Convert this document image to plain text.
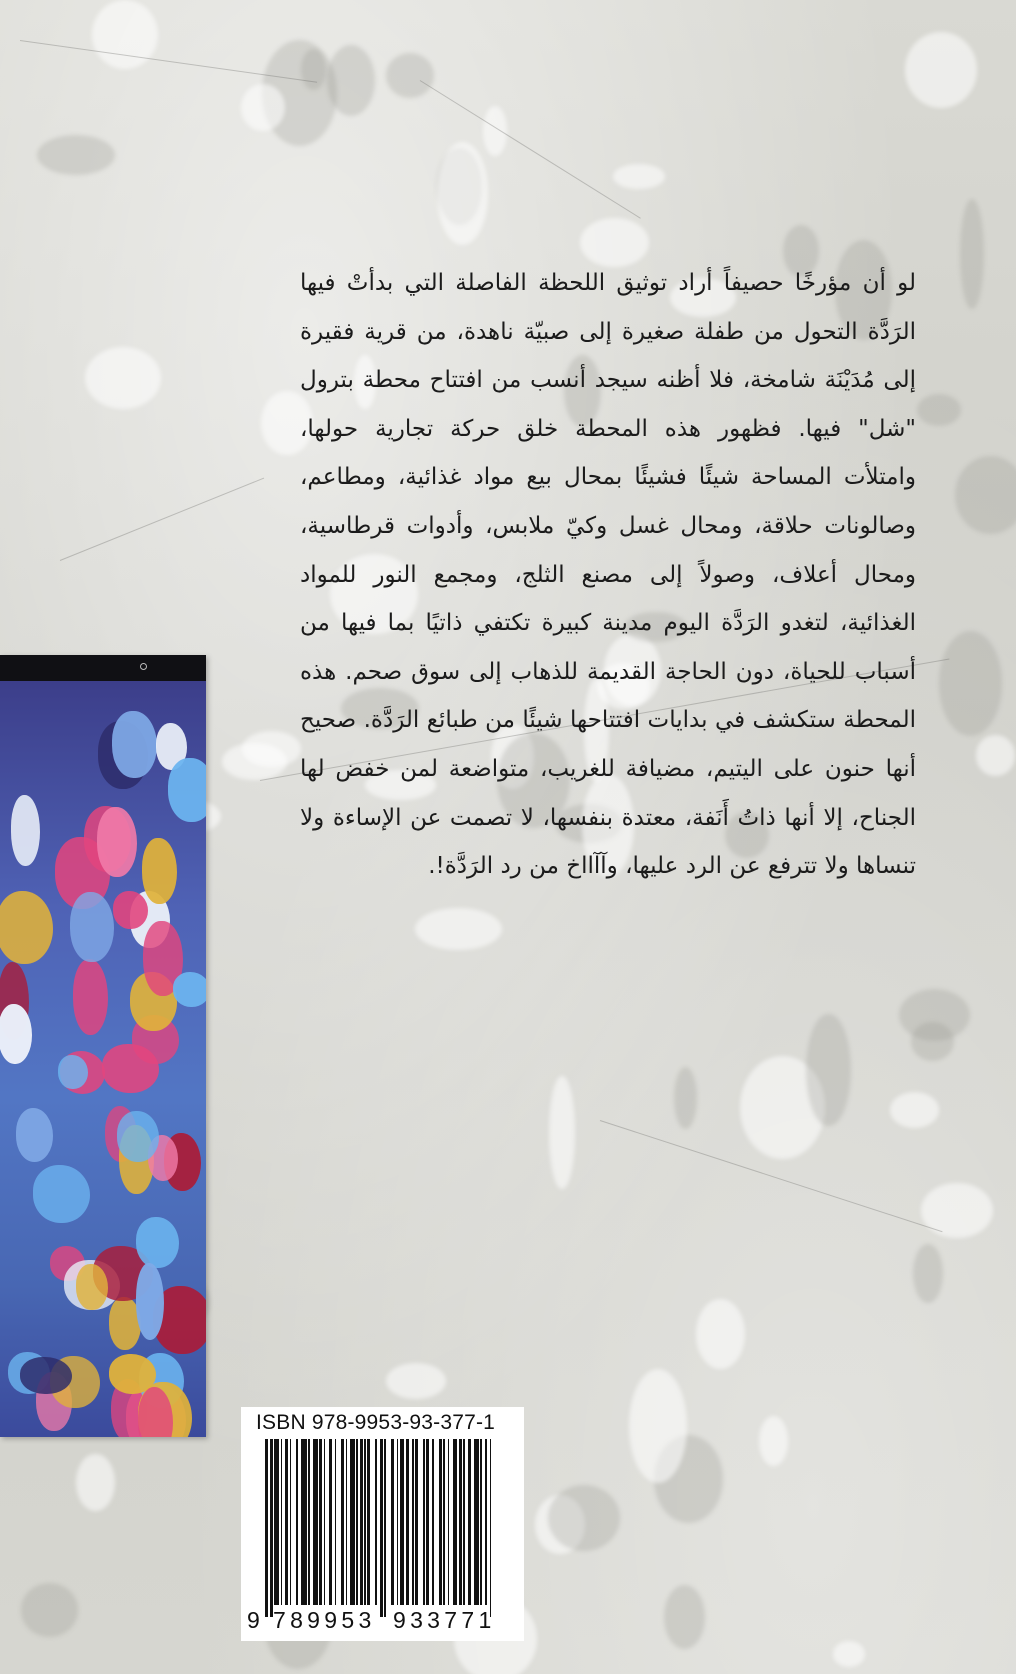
لو أن مؤرخًا حصيفاً أراد توثيق اللحظة الفاصلة التي بدأتْ فيها الرَدَّة التحول من طفلة صغيرة إلى صبيّة ناهدة، من قرية فقيرة إلى مُدَيْنَة شامخة، فلا أظنه سيجد أنسب من افتتاح محطة بترول "شل" فيها. فظهور هذه المحطة خلق حركة تجارية حولها، وامتلأت المساحة شيئًا فشيئًا بمحال بيع مواد غذائية، ومطاعم، وصالونات حلاقة، ومحال غسل وكيّ ملابس، وأدوات قرطاسية، ومحال أعلاف، وصولاً إلى مصنع الثلج، ومجمع النور للمواد الغذائية، لتغدو الرَدَّة اليوم مدينة كبيرة تكتفي ذاتيًا بما فيها من أسباب للحياة، دون الحاجة القديمة للذهاب إلى سوق صحم. هذه المحطة ستكشف في بدايات افتتاحها شيئًا من طبائع الرَدَّة. صحيح أنها حنون على اليتيم، مضيافة للغريب، متواضعة لمن خفض لها الجناح، إلا أنها ذاتُ أَنَفة، معتدة بنفسها، لا تصمت عن الإساءة ولا تنساها ولا تترفع عن الرد عليها، وآآااخ من رد الرَدَّة!.

ISBN 978-9953-93-377-1
9 789953 933771
